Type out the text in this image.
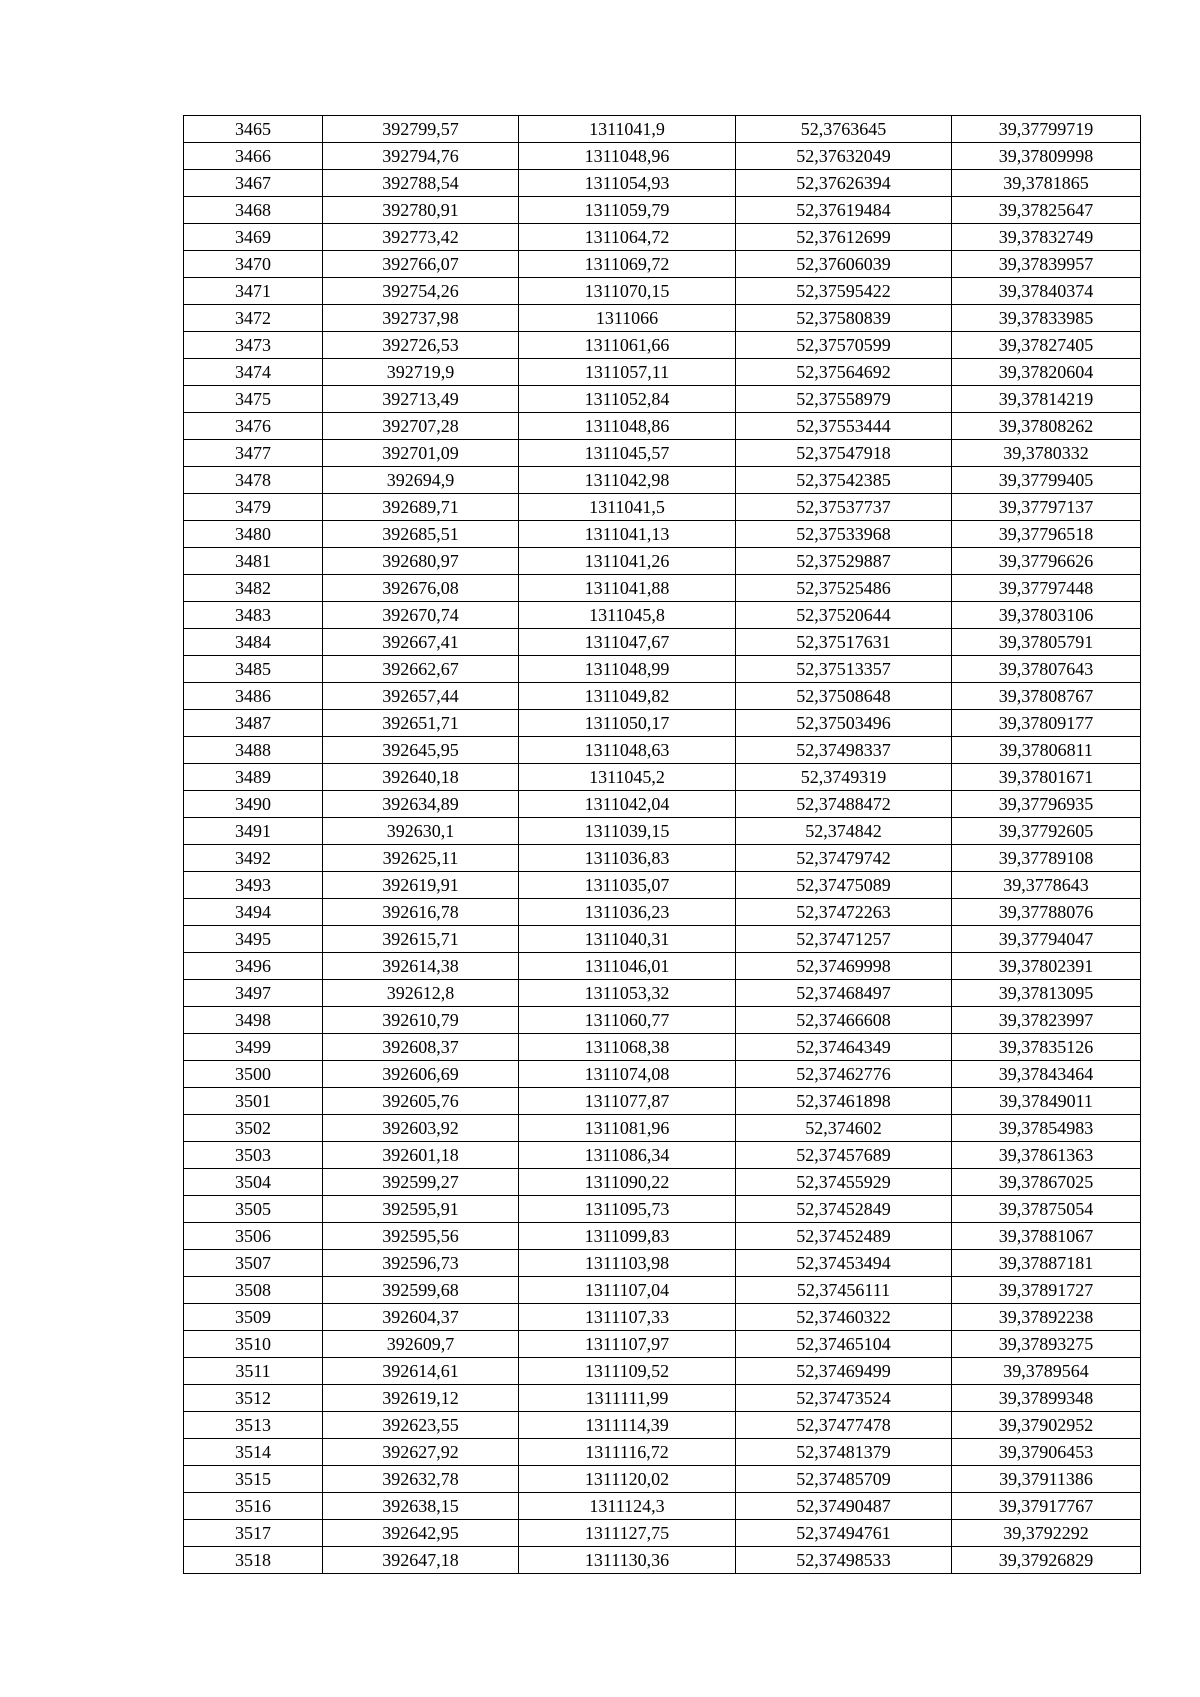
3465	392799,57	1311041,9	52,3763645	39,37799719
3466	392794,76	1311048,96	52,37632049	39,37809998
3467	392788,54	1311054,93	52,37626394	39,3781865
3468	392780,91	1311059,79	52,37619484	39,37825647
3469	392773,42	1311064,72	52,37612699	39,37832749
3470	392766,07	1311069,72	52,37606039	39,37839957
3471	392754,26	1311070,15	52,37595422	39,37840374
3472	392737,98	1311066	52,37580839	39,37833985
3473	392726,53	1311061,66	52,37570599	39,37827405
3474	392719,9	1311057,11	52,37564692	39,37820604
3475	392713,49	1311052,84	52,37558979	39,37814219
3476	392707,28	1311048,86	52,37553444	39,37808262
3477	392701,09	1311045,57	52,37547918	39,3780332
3478	392694,9	1311042,98	52,37542385	39,37799405
3479	392689,71	1311041,5	52,37537737	39,37797137
3480	392685,51	1311041,13	52,37533968	39,37796518
3481	392680,97	1311041,26	52,37529887	39,37796626
3482	392676,08	1311041,88	52,37525486	39,37797448
3483	392670,74	1311045,8	52,37520644	39,37803106
3484	392667,41	1311047,67	52,37517631	39,37805791
3485	392662,67	1311048,99	52,37513357	39,37807643
3486	392657,44	1311049,82	52,37508648	39,37808767
3487	392651,71	1311050,17	52,37503496	39,37809177
3488	392645,95	1311048,63	52,37498337	39,37806811
3489	392640,18	1311045,2	52,3749319	39,37801671
3490	392634,89	1311042,04	52,37488472	39,37796935
3491	392630,1	1311039,15	52,374842	39,37792605
3492	392625,11	1311036,83	52,37479742	39,37789108
3493	392619,91	1311035,07	52,37475089	39,3778643
3494	392616,78	1311036,23	52,37472263	39,37788076
3495	392615,71	1311040,31	52,37471257	39,37794047
3496	392614,38	1311046,01	52,37469998	39,37802391
3497	392612,8	1311053,32	52,37468497	39,37813095
3498	392610,79	1311060,77	52,37466608	39,37823997
3499	392608,37	1311068,38	52,37464349	39,37835126
3500	392606,69	1311074,08	52,37462776	39,37843464
3501	392605,76	1311077,87	52,37461898	39,37849011
3502	392603,92	1311081,96	52,374602	39,37854983
3503	392601,18	1311086,34	52,37457689	39,37861363
3504	392599,27	1311090,22	52,37455929	39,37867025
3505	392595,91	1311095,73	52,37452849	39,37875054
3506	392595,56	1311099,83	52,37452489	39,37881067
3507	392596,73	1311103,98	52,37453494	39,37887181
3508	392599,68	1311107,04	52,37456111	39,37891727
3509	392604,37	1311107,33	52,37460322	39,37892238
3510	392609,7	1311107,97	52,37465104	39,37893275
3511	392614,61	1311109,52	52,37469499	39,3789564
3512	392619,12	1311111,99	52,37473524	39,37899348
3513	392623,55	1311114,39	52,37477478	39,37902952
3514	392627,92	1311116,72	52,37481379	39,37906453
3515	392632,78	1311120,02	52,37485709	39,37911386
3516	392638,15	1311124,3	52,37490487	39,37917767
3517	392642,95	1311127,75	52,37494761	39,3792292
3518	392647,18	1311130,36	52,37498533	39,37926829
